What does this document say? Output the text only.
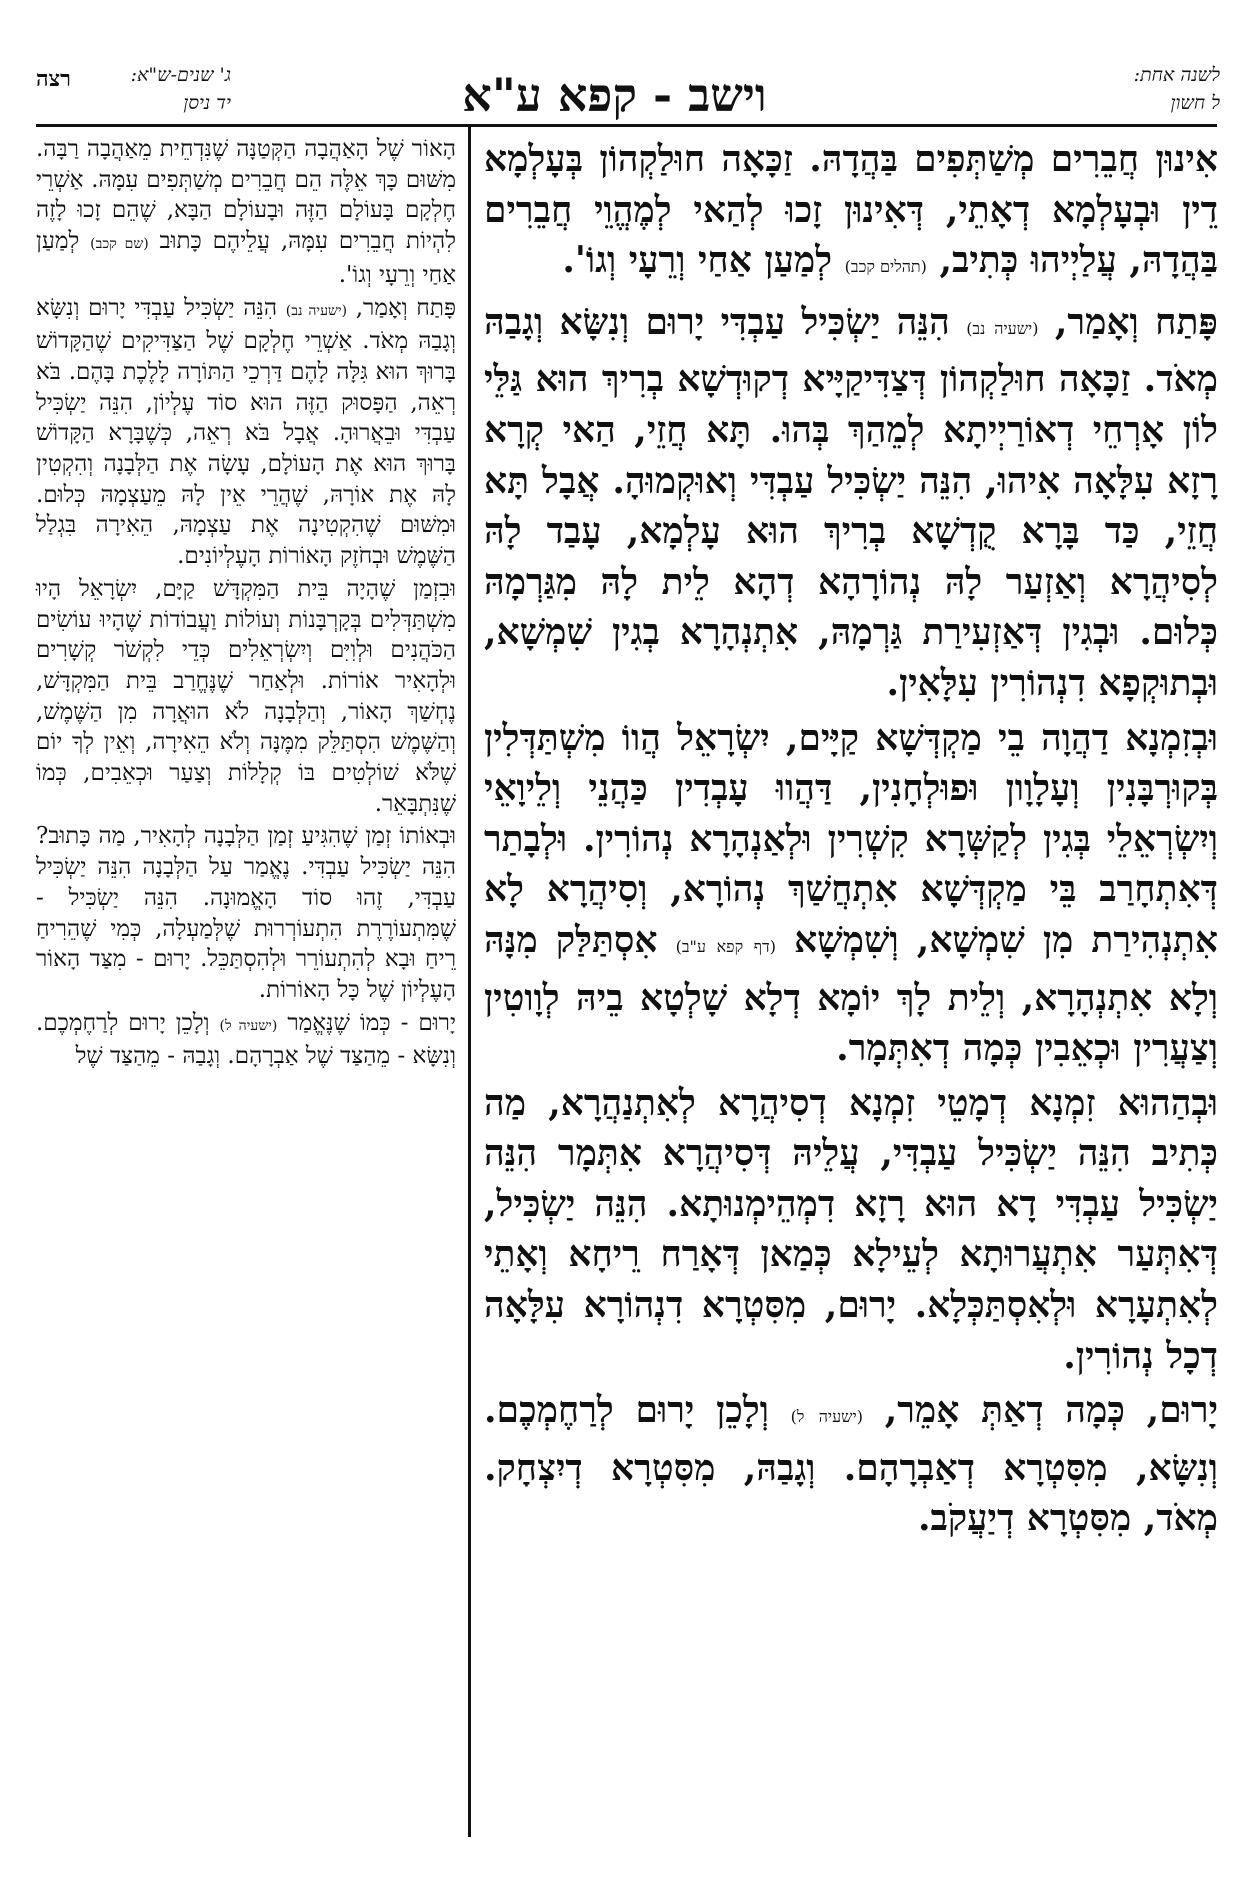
רצה	ג' שנים-ש"א:
יד ניסן	וישב - קפא ע"א	לשנה אחת:
ל חשון

אִינוּן חֲבֵרִים מְשַׁתְּפִים בַּהֲדָהּ. זַכָּאָה חוּלַקְהוֹן בְּעָלְמָא דֵין וּבְעָלְמָא דְאָתֵי, דְּאִינוּן זָכוּ לְהַאי לְמֶהֱוֵי חֲבֵרִים בַּהֲדָהּ, עֲלַיְיהוּ כְּתִיב, (תהלים קכב) לְמַעַן אַחַי וְרֵעָי וְגוֹ'.

פָּתַח וְאָמַר, (ישעיה נב) הִנֵּה יַשְׂכִּיל עַבְדִּי יָרוּם וְנִשָּׂא וְגָבַהּ מְאֹד. זַכָּאָה חוּלַקְהוֹן דְּצַדִּיקַיָּיא דְקוּדְשָׁא בְרִיךְ הוּא גַּלֵּי לוֹן אָרְחֵי דְאוֹרַיְיתָא לְמֵהַךְ בְּהוּ. תָּא חֲזֵי, הַאי קְרָא רָזָא עִלָּאָה אִיהוּ, הִנֵּה יַשְׂכִּיל עַבְדִּי וְאוּקְמוּהָ. אֲבָל תָּא חֲזֵי, כַּד בָּרָא קֻדְשָׁא בְרִיךְ הוּא עָלְמָא, עָבַד לָהּ לְסִיהֲרָא וְאַזְעַר לָהּ נְהוֹרָהָא דְהָא לֵית לָהּ מִגַּרְמָהּ כְּלוּם. וּבְגִין דְּאַזְעִירַת גַּרְמָהּ, אִתְנְהָרָא בְגִין שִׁמְשָׁא, וּבְתוּקְפָא דִנְהוֹרִין עִלָּאִין.

וּבְזִמְנָא דַהֲוָה בֵי מַקְדְּשָׁא קַיָּים, יִשְׂרָאֵל הֲווֹ מִשְׁתַּדְּלִין בְּקוּרְבָּנִין וְעָלָוָון וּפוּלְחָנִין, דַּהֲווּ עָבְדִין כַּהֲנֵי וְלֵיוָאֵי וְיִשְׂרְאֵלֵי בְּגִין לְקַשְּׁרָא קִשְׁרִין וּלְאַנְהָרָא נְהוֹרִין. וּלְבָתַר דְּאִתְחָרַב בֵּי מַקְדְּשָׁא אִתְחֲשַׁךְ נְהוֹרָא, וְסִיהֲרָא לָא אִתְנְהִירַת מִן שִׁמְשָׁא, וְשִׁמְשָׁא (דף קפא ע"ב) אִסְתַּלַּק מִנָּהּ וְלָא אִתְנְהָרָא, וְלֵית לָךְ יוֹמָא דְלָא שָׁלְטָא בֵיהּ לְוָוטִין וְצַעֲרִין וּכְאֵבִין כְּמָה דְאִתְּמָר.

וּבְהַהוּא זִמְנָא דְמָטֵי זִמְנָא דְסִיהֲרָא לְאִתְנַהֲרָא, מַה כְּתִיב הִנֵּה יַשְׂכִּיל עַבְדִּי, עֲלֵיהּ דְּסִיהֲרָא אִתְּמָר הִנֵּה יַשְׂכִּיל עַבְדִּי דָא הוּא רָזָא דִמְהֵימְנוּתָא. הִנֵּה יַשְׂכִּיל, דְּאִתְּעַר אִתְעֲרוּתָא לְעֵילָא כְּמַאן דְּאָרַח רֵיחָא וְאָתֵי לְאִתְעָרָא וּלְאִסְתַּכְּלָא. יָרוּם, מִסִּטְרָא דִנְהוֹרָא עִלָּאָה דְכָל נְהוֹרִין.

יָרוּם, כְּמָה דְאַתְּ אָמֵר, (ישעיה ל) וְלָכֵן יָרוּם לְרַחֶמְכֶם. וְנִשָּׂא, מִסִּטְרָא דְאַבְרָהָם. וְגָבַהּ, מִסִּטְרָא דְיִצְחָק. מְאֹד, מִסִּטְרָא דְיַעֲקֹב.

הָאוֹר שֶׁל הָאַהֲבָה הַקְּטַנָּה שֶׁנִּדְחֵית מֵאַהֲבָה רַבָּה. מִשּׁוּם כָּךְ אֵלֶּה הֵם חֲבֵרִים מְשַׁתְּפִים עִמָּהּ. אַשְׁרֵי חֶלְקָם בָּעוֹלָם הַזֶּה וּבָעוֹלָם הַבָּא, שֶׁהֵם זָכוּ לָזֶה לִהְיוֹת חֲבֵרִים עִמָּהּ, עֲלֵיהֶם כָּתוּב (שם קכב) לְמַעַן אַחַי וְרֵעָי וְגוֹ'.

פָּתַח וְאָמַר, (ישעיה נב) הִנֵּה יַשְׂכִּיל עַבְדִּי יָרוּם וְנִשָּׂא וְגָבַהּ מְאֹד. אַשְׁרֵי חֶלְקָם שֶׁל הַצַּדִּיקִים שֶׁהַקָּדוֹשׁ בָּרוּךְ הוּא גִּלָּה לָהֶם דַּרְכֵי הַתּוֹרָה לָלֶכֶת בָּהֶם. בֹּא רְאֵה, הַפָּסוּק הַזֶּה הוּא סוֹד עֶלְיוֹן, הִנֵּה יַשְׂכִּיל עַבְדִּי וּבֵאֲרוּהָ. אֲבָל בֹּא רְאֵה, כְּשֶׁבָּרָא הַקָּדוֹשׁ בָּרוּךְ הוּא אֶת הָעוֹלָם, עָשָׂה אֶת הַלְּבָנָה וְהִקְטִין לָהּ אֶת אוֹרָהּ, שֶׁהֲרֵי אֵין לָהּ מֵעַצְמָהּ כְּלוּם. וּמִשּׁוּם שֶׁהִקְטִינָה אֶת עַצְמָהּ, הֵאִירָה בִּגְלַל הַשֶּׁמֶשׁ וּבְחֹזֶק הָאוֹרוֹת הָעֶלְיוֹנִים.

וּבִזְמַן שֶׁהָיָה בֵּית הַמִּקְדָּשׁ קַיָּם, יִשְׂרָאֵל הָיוּ מִשְׁתַּדְּלִים בְּקָרְבָּנוֹת וְעוֹלוֹת וַעֲבוֹדוֹת שֶׁהָיוּ עוֹשִׂים הַכֹּהֲנִים וּלְוִיִּם וְיִשְׂרְאֵלִים כְּדֵי לִקְשֹׁר קְשָׁרִים וּלְהָאִיר אוֹרוֹת. וּלְאַחַר שֶׁנֶּחֱרַב בֵּית הַמִּקְדָּשׁ, נֶחְשַׁךְ הָאוֹר, וְהַלְּבָנָה לֹא הוּאֲרָה מִן הַשֶּׁמֶשׁ, וְהַשֶּׁמֶשׁ הִסְתַּלֵּק מִמֶּנָּה וְלֹא הֵאִירָה, וְאֵין לְךָ יוֹם שֶׁלֹּא שׁוֹלְטִים בּוֹ קְלָלוֹת וְצַעַר וּכְאֵבִים, כְּמוֹ שֶׁנִּתְבָּאֵר.

וּבְאוֹתוֹ זְמַן שֶׁהִגִּיעַ זְמַן הַלְּבָנָה לְהָאִיר, מַה כָּתוּב? הִנֵּה יַשְׂכִּיל עַבְדִּי. נֶאֱמַר עַל הַלְּבָנָה הִנֵּה יַשְׂכִּיל עַבְדִּי, זֶהוּ סוֹד הָאֱמוּנָה. הִנֵּה יַשְׂכִּיל - שֶׁמִּתְעוֹרֶרֶת הִתְעוֹרְרוּת שֶׁלְּמַעְלָה, כְּמִי שֶׁהֵרִיחַ רֵיחַ וּבָא לְהִתְעוֹרֵר וּלְהִסְתַּכֵּל. יָרוּם - מִצַּד הָאוֹר הָעֶלְיוֹן שֶׁל כָּל הָאוֹרוֹת.

יָרוּם - כְּמוֹ שֶׁנֶּאֱמַר (ישעיה ל) וְלָכֵן יָרוּם לְרַחֶמְכֶם. וְנִשָּׂא - מֵהַצַּד שֶׁל אַבְרָהָם. וְגָבַהּ - מֵהַצַּד שֶׁל
